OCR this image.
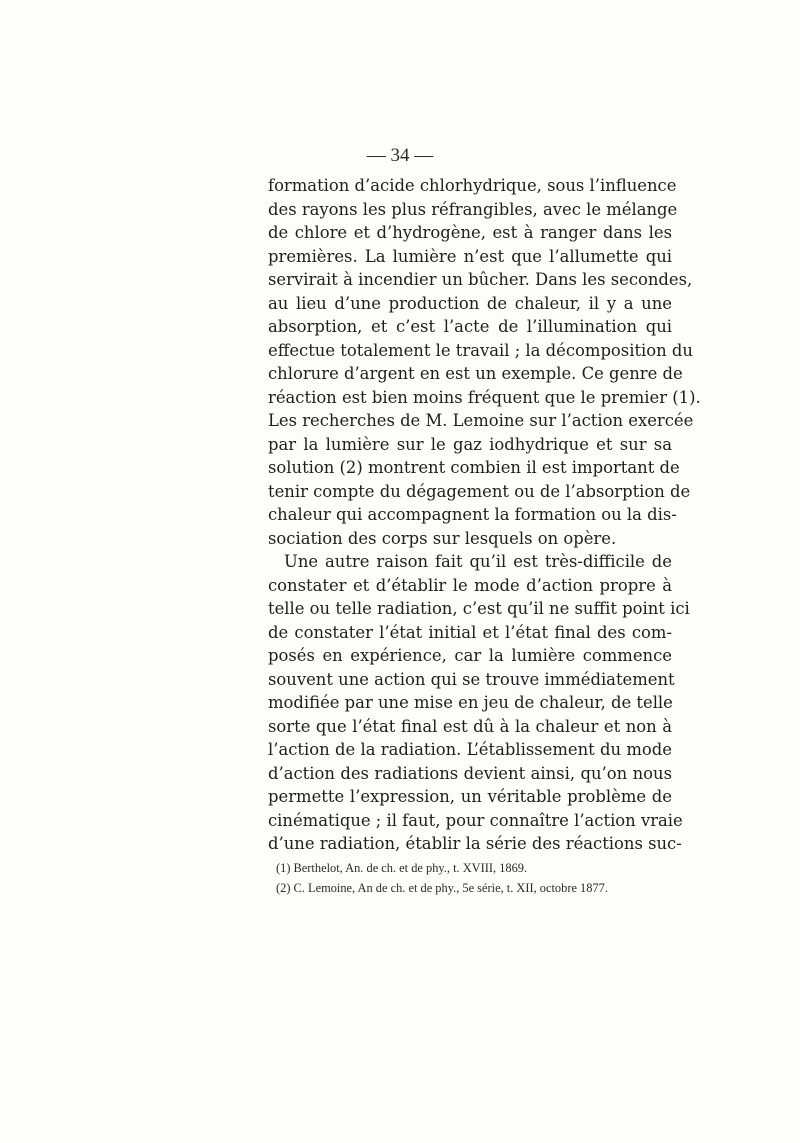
— 34 —
formation d’acide chlorhydrique, sous l’influence
des rayons les plus réfrangibles, avec le mélange
de chlore et d’hydrogène, est à ranger dans les
premières. La lumière n’est que l’allumette qui
servirait à incendier un bûcher. Dans les secondes,
au lieu d’une production de chaleur, il y a une
absorption, et c’est l’acte de l’illumination qui
effectue totalement le travail ; la décomposition du
chlorure d’argent en est un exemple. Ce genre de
réaction est bien moins fréquent que le premier (1).
Les recherches de M. Lemoine sur l’action exercée
par la lumière sur le gaz iodhydrique et sur sa
solution (2) montrent combien il est important de
tenir compte du dégagement ou de l’absorption de
chaleur qui accompagnent la formation ou la dis-
sociation des corps sur lesquels on opère.
Une autre raison fait qu’il est très-difficile de
constater et d’établir le mode d’action propre à
telle ou telle radiation, c’est qu’il ne suffit point ici
de constater l’état initial et l’état final des com-
posés en expérience, car la lumière commence
souvent une action qui se trouve immédiatement
modifiée par une mise en jeu de chaleur, de telle
sorte que l’état final est dû à la chaleur et non à
l’action de la radiation. L’établissement du mode
d’action des radiations devient ainsi, qu’on nous
permette l’expression, un véritable problème de
cinématique ; il faut, pour connaître l’action vraie
d’une radiation, établir la série des réactions suc-
(1) Berthelot, An. de ch. et de phy., t. XVIII, 1869.
(2) C. Lemoine, An de ch. et de phy., 5e série, t. XII, octobre 1877.
